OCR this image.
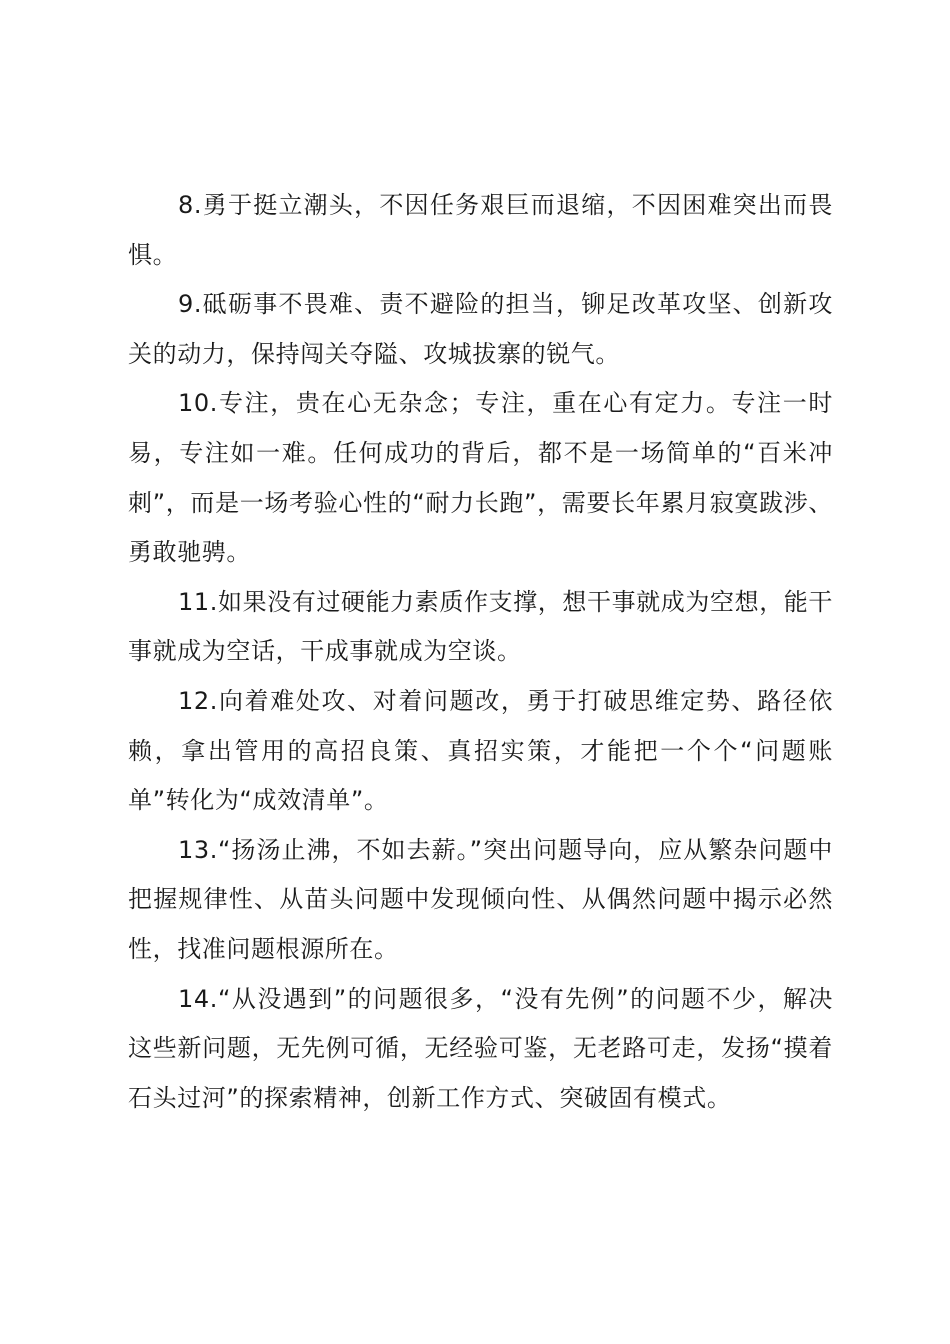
8.勇于挺立潮头，不因任务艰巨而退缩，不因困难突出而畏惧。

9.砥砺事不畏难、责不避险的担当，铆足改革攻坚、创新攻关的动力，保持闯关夺隘、攻城拔寨的锐气。

10.专注，贵在心无杂念；专注，重在心有定力。专注一时易，专注如一难。任何成功的背后，都不是一场简单的“百米冲刺”，而是一场考验心性的“耐力长跑”，需要长年累月寂寞跋涉、勇敢驰骋。

11.如果没有过硬能力素质作支撑，想干事就成为空想，能干事就成为空话，干成事就成为空谈。

12.向着难处攻、对着问题改，勇于打破思维定势、路径依赖，拿出管用的高招良策、真招实策，才能把一个个“问题账单”转化为“成效清单”。

13.“扬汤止沸，不如去薪。”突出问题导向，应从繁杂问题中把握规律性、从苗头问题中发现倾向性、从偶然问题中揭示必然性，找准问题根源所在。

14.“从没遇到”的问题很多，“没有先例”的问题不少，解决这些新问题，无先例可循，无经验可鉴，无老路可走，发扬“摸着石头过河”的探索精神，创新工作方式、突破固有模式。
